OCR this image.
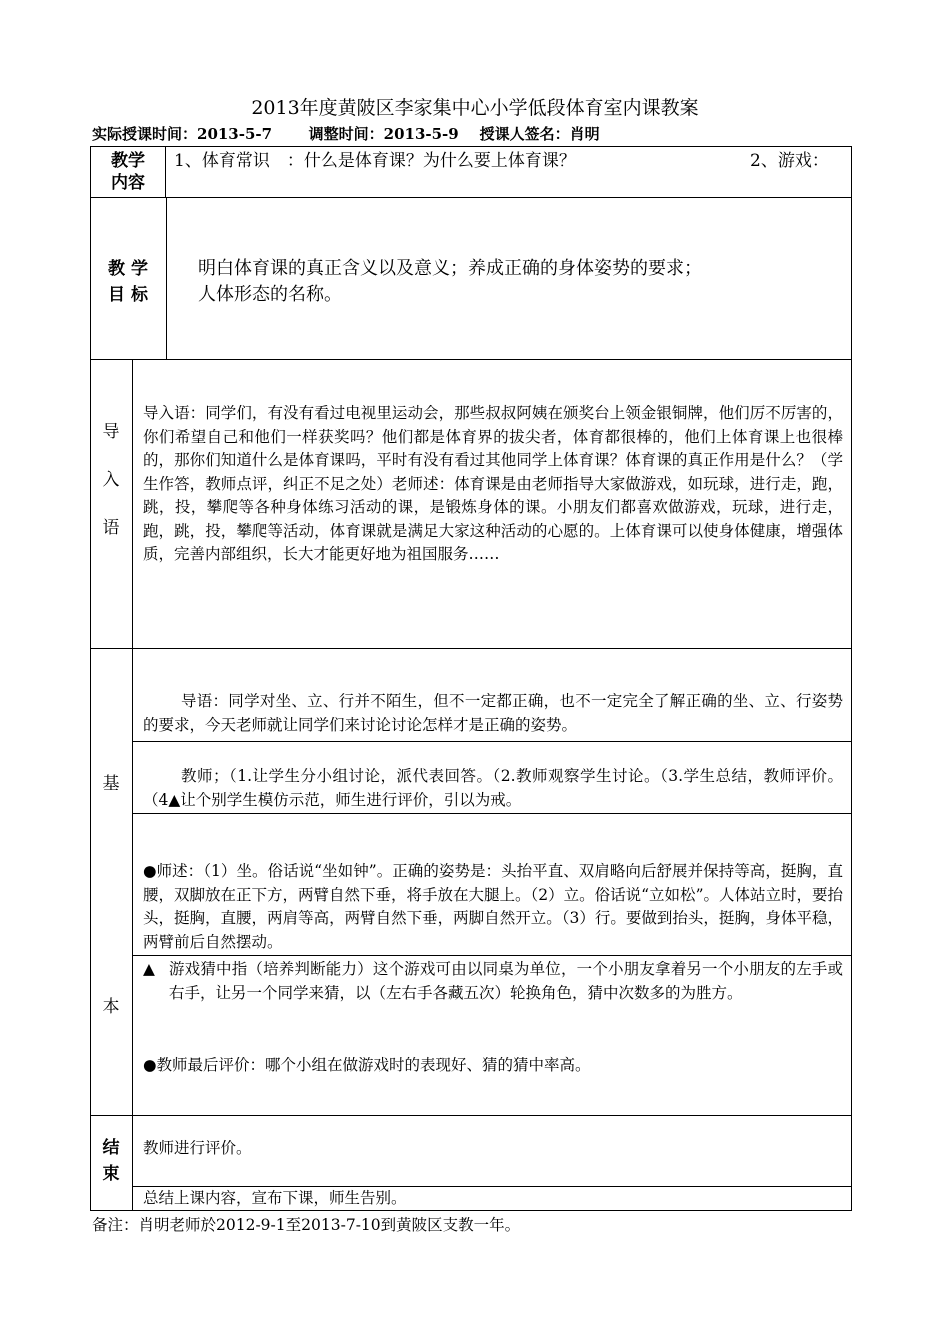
2013年度黄陂区李家集中心小学低段体育室内课教案
实际授课时间：2013-5-7 调整时间：2013-5-9 授课人签名：肖明
教学
内容
1、体育常识　：什么是体育课？为什么要上体育课？	2、游戏：
教 学
目 标
明白体育课的真正含义以及意义；养成正确的身体姿势的要求；
人体形态的名称。
导
入
语
导入语：同学们，有没有看过电视里运动会，那些叔叔阿姨在颁奖台上领金银铜牌，他们厉不厉害的，你们希望自己和他们一样获奖吗？他们都是体育界的拔尖者，体育都很棒的，他们上体育课上也很棒的，那你们知道什么是体育课吗，平时有没有看过其他同学上体育课？体育课的真正作用是什么？（学生作答，教师点评，纠正不足之处）老师述：体育课是由老师指导大家做游戏，如玩球，进行走，跑，跳，投，攀爬等各种身体练习活动的课，是锻炼身体的课。小朋友们都喜欢做游戏，玩球，进行走，跑，跳，投，攀爬等活动，体育课就是满足大家这种活动的心愿的。上体育课可以使身体健康，增强体质，完善内部组织，长大才能更好地为祖国服务……
基
本
导语：同学对坐、立、行并不陌生，但不一定都正确，也不一定完全了解正确的坐、立、行姿势的要求，今天老师就让同学们来讨论讨论怎样才是正确的姿势。
教师；（1.让学生分小组讨论，派代表回答。（2.教师观察学生讨论。（3.学生总结，教师评价。（4▲让个别学生模仿示范，师生进行评价，引以为戒。
●师述：（1）坐。俗话说“坐如钟”。正确的姿势是：头抬平直、双肩略向后舒展并保持等高，挺胸，直腰，双脚放在正下方，两臂自然下垂，将手放在大腿上。（2）立。俗话说“立如松”。人体站立时，要抬头，挺胸，直腰，两肩等高，两臂自然下垂，两脚自然开立。（3）行。要做到抬头，挺胸，身体平稳，两臂前后自然摆动。
▲ 游戏猜中指（培养判断能力）这个游戏可由以同桌为单位，一个小朋友拿着另一个小朋友的左手或右手，让另一个同学来猜，以（左右手各藏五次）轮换角色，猜中次数多的为胜方。
●教师最后评价：哪个小组在做游戏时的表现好、猜的猜中率高。
结
束
教师进行评价。
总结上课内容，宣布下课，师生告别。
备注：肖明老师於2012-9-1至2013-7-10到黄陂区支教一年。
